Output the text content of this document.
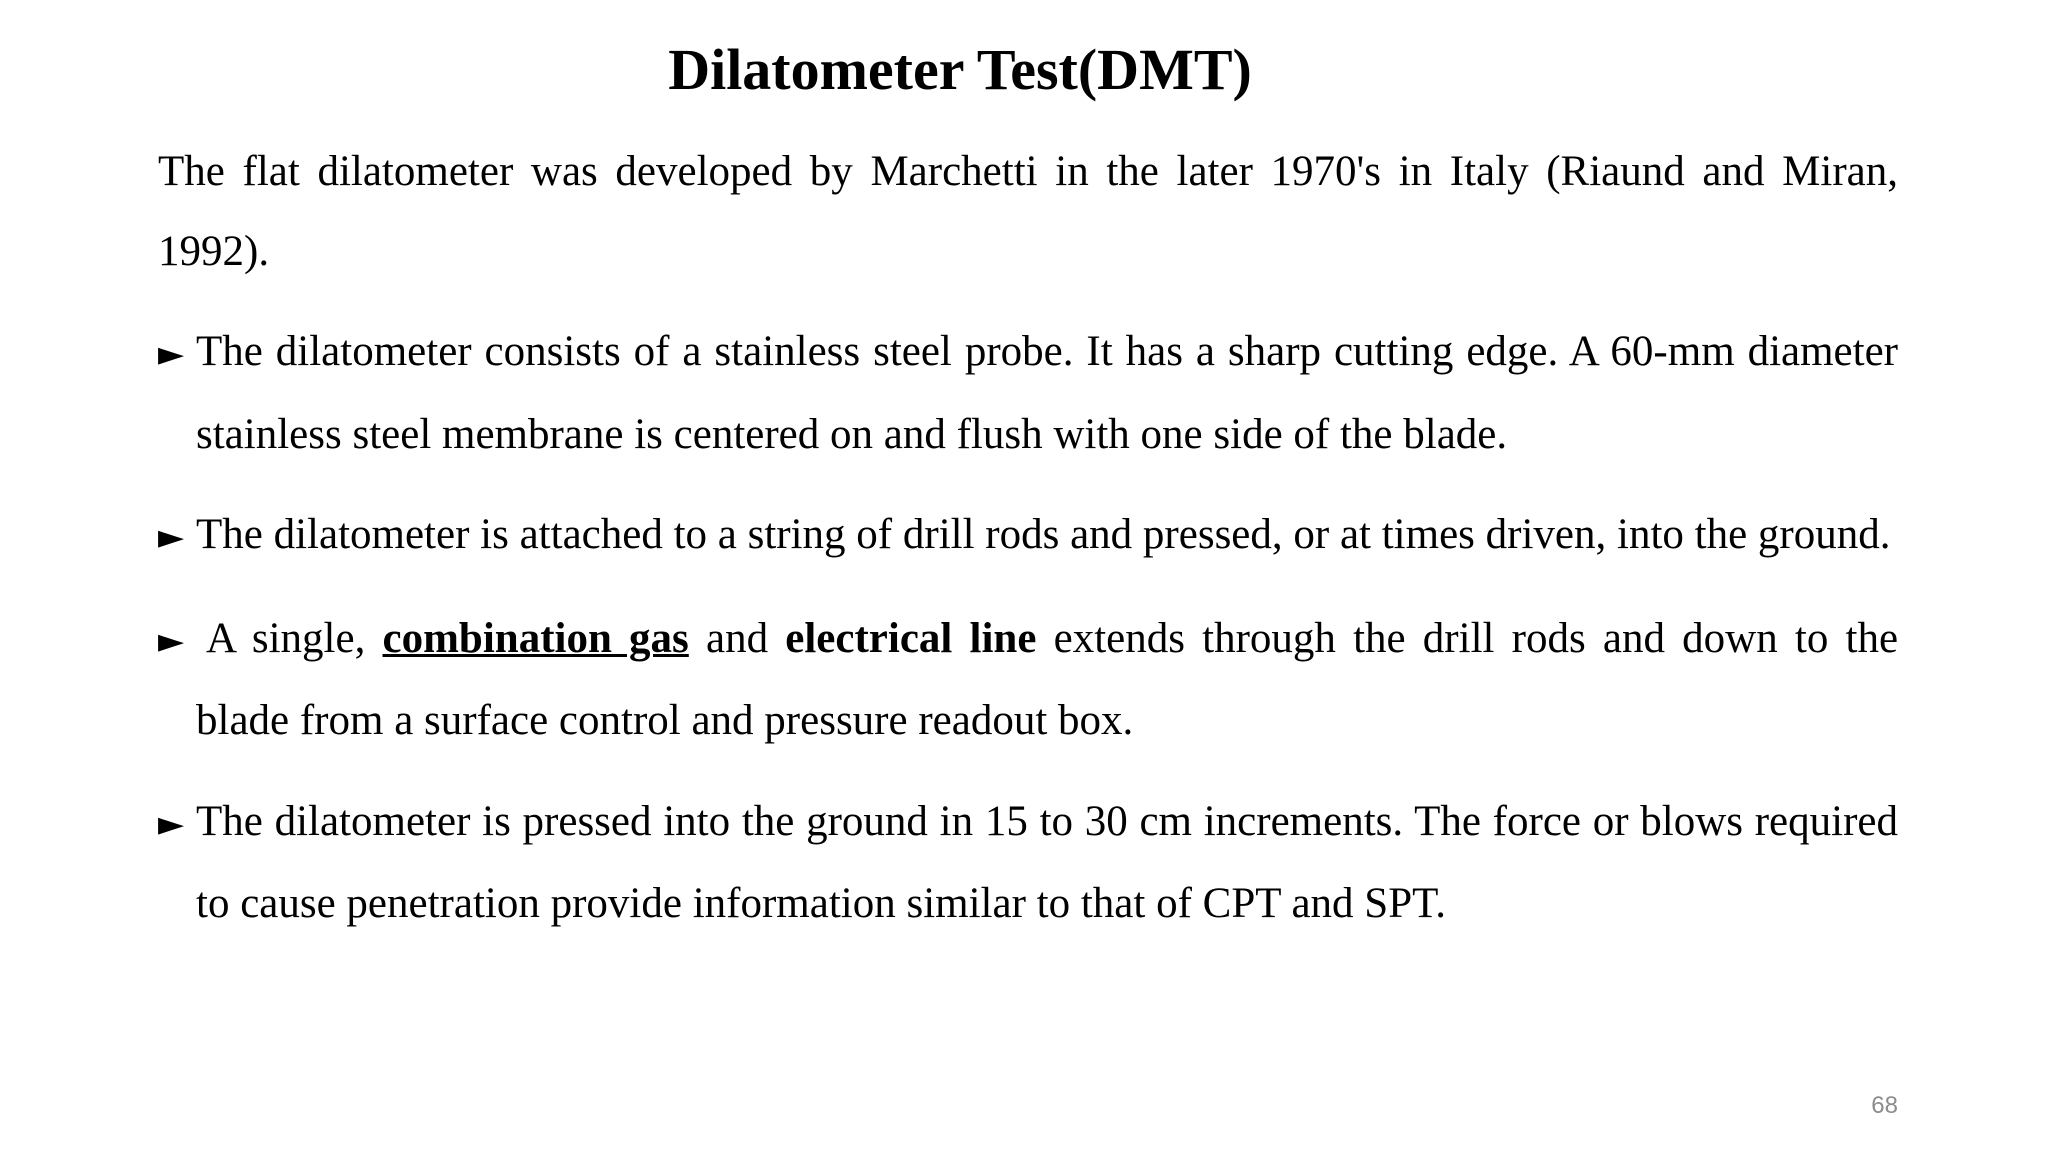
Dilatometer Test(DMT)

The flat dilatometer was developed by Marchetti in the later 1970's in Italy (Riaund and Miran, 1992).

► The dilatometer consists of a stainless steel probe. It has a sharp cutting edge. A 60-mm diameter stainless steel membrane is centered on and flush with one side of the blade.

► The dilatometer is attached to a string of drill rods and pressed, or at times driven, into the ground.

► A single, combination gas and electrical line extends through the drill rods and down to the blade from a surface control and pressure readout box.

► The dilatometer is pressed into the ground in 15 to 30 cm increments. The force or blows required to cause penetration provide information similar to that of CPT and SPT.

68
